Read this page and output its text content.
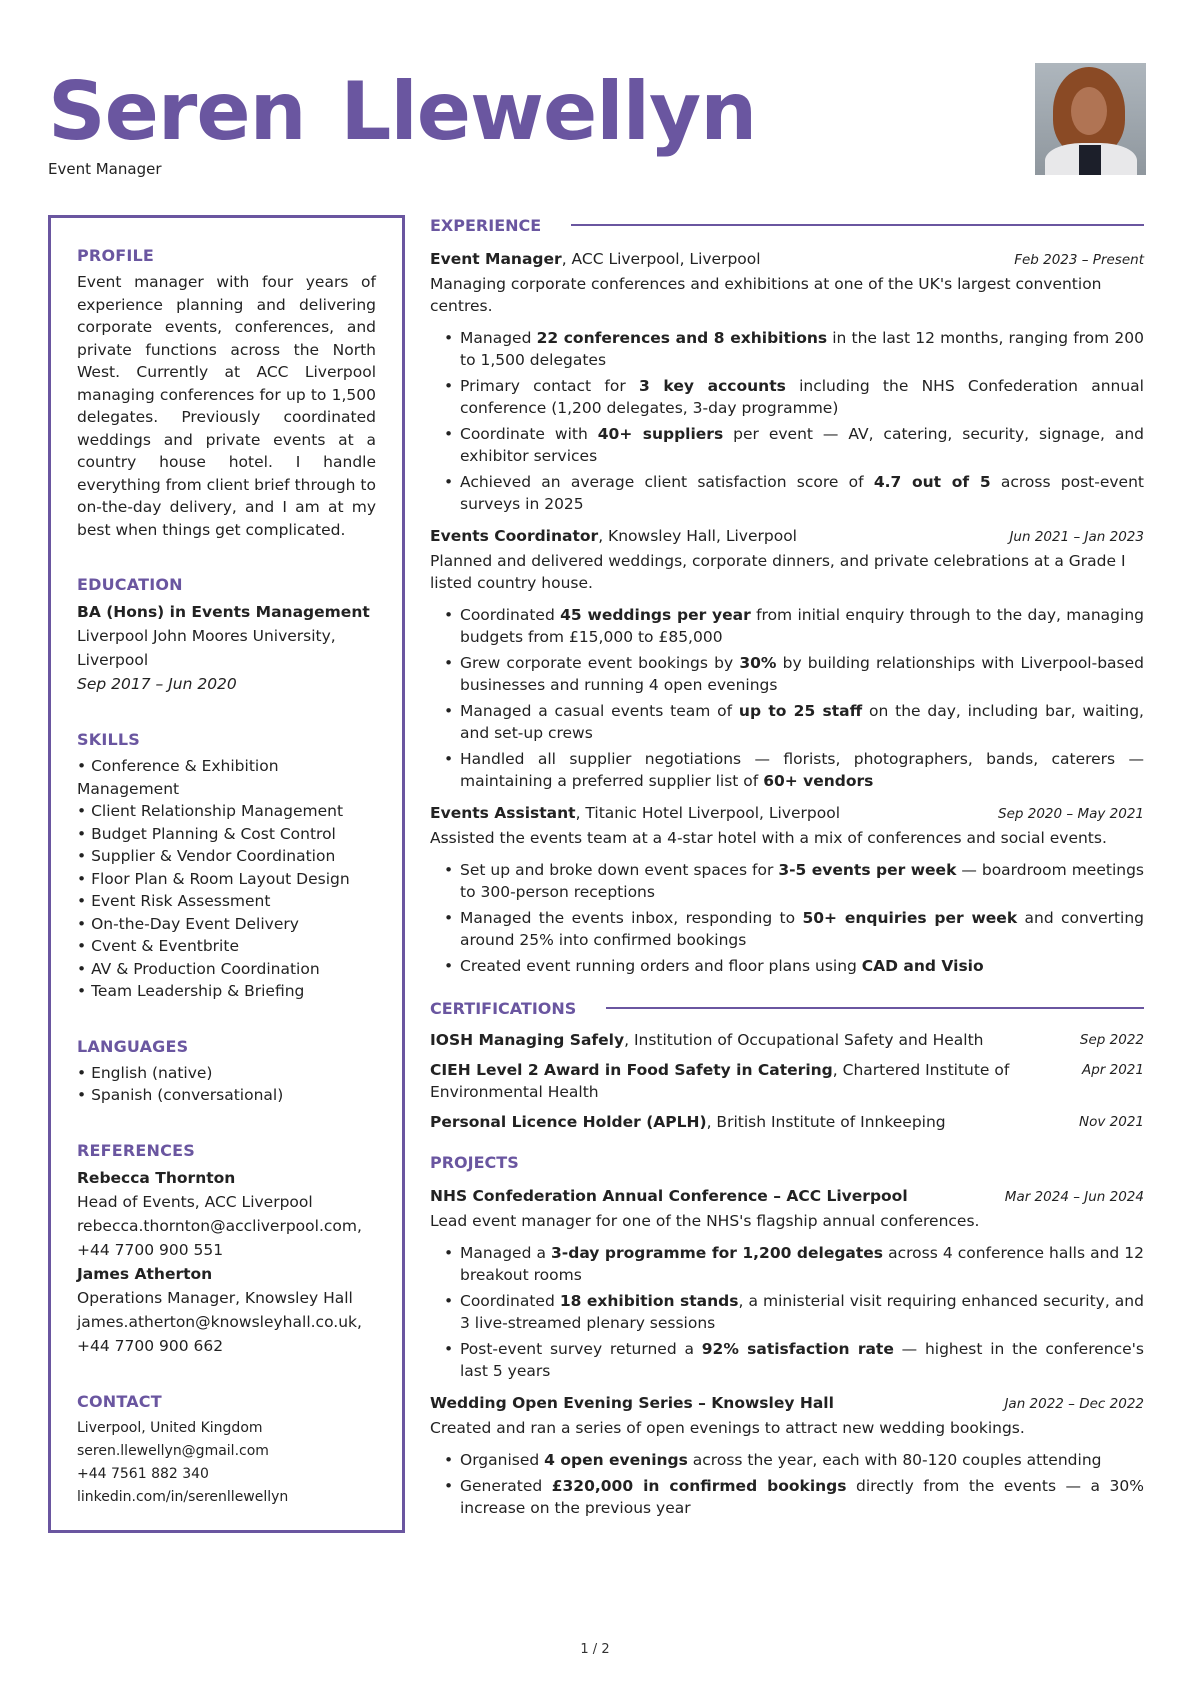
Seren Llewellyn
Event Manager
PROFILE
Event manager with four years of experience planning and delivering corporate events, conferences, and private functions across the North West. Currently at ACC Liverpool managing conferences for up to 1,500 delegates. Previously coordinated weddings and private events at a country house hotel. I handle everything from client brief through to on-the-day delivery, and I am at my best when things get complicated.
EDUCATION
BA (Hons) in Events Management
Liverpool John Moores University, Liverpool
Sep 2017 – Jun 2020
SKILLS
• Conference & Exhibition Management
• Client Relationship Management
• Budget Planning & Cost Control
• Supplier & Vendor Coordination
• Floor Plan & Room Layout Design
• Event Risk Assessment
• On-the-Day Event Delivery
• Cvent & Eventbrite
• AV & Production Coordination
• Team Leadership & Briefing
LANGUAGES
• English (native)
• Spanish (conversational)
REFERENCES
Rebecca Thornton
Head of Events, ACC Liverpool
rebecca.thornton@accliverpool.com, +44 7700 900 551
James Atherton
Operations Manager, Knowsley Hall
james.atherton@knowsleyhall.co.uk, +44 7700 900 662
CONTACT
Liverpool, United Kingdom
seren.llewellyn@gmail.com
+44 7561 882 340
linkedin.com/in/serenllewellyn
EXPERIENCE
Event Manager, ACC Liverpool, Liverpool	Feb 2023 – Present
Managing corporate conferences and exhibitions at one of the UK's largest convention centres.
• Managed 22 conferences and 8 exhibitions in the last 12 months, ranging from 200 to 1,500 delegates
• Primary contact for 3 key accounts including the NHS Confederation annual conference (1,200 delegates, 3-day programme)
• Coordinate with 40+ suppliers per event — AV, catering, security, signage, and exhibitor services
• Achieved an average client satisfaction score of 4.7 out of 5 across post-event surveys in 2025
Events Coordinator, Knowsley Hall, Liverpool	Jun 2021 – Jan 2023
Planned and delivered weddings, corporate dinners, and private celebrations at a Grade I listed country house.
• Coordinated 45 weddings per year from initial enquiry through to the day, managing budgets from £15,000 to £85,000
• Grew corporate event bookings by 30% by building relationships with Liverpool-based businesses and running 4 open evenings
• Managed a casual events team of up to 25 staff on the day, including bar, waiting, and set-up crews
• Handled all supplier negotiations — florists, photographers, bands, caterers — maintaining a preferred supplier list of 60+ vendors
Events Assistant, Titanic Hotel Liverpool, Liverpool	Sep 2020 – May 2021
Assisted the events team at a 4-star hotel with a mix of conferences and social events.
• Set up and broke down event spaces for 3-5 events per week — boardroom meetings to 300-person receptions
• Managed the events inbox, responding to 50+ enquiries per week and converting around 25% into confirmed bookings
• Created event running orders and floor plans using CAD and Visio
CERTIFICATIONS
IOSH Managing Safely, Institution of Occupational Safety and Health	Sep 2022
CIEH Level 2 Award in Food Safety in Catering, Chartered Institute of Environmental Health
Apr 2021
Personal Licence Holder (APLH), British Institute of Innkeeping	Nov 2021
PROJECTS
NHS Confederation Annual Conference – ACC Liverpool	Mar 2024 – Jun 2024
Lead event manager for one of the NHS's flagship annual conferences.
• Managed a 3-day programme for 1,200 delegates across 4 conference halls and 12 breakout rooms
• Coordinated 18 exhibition stands, a ministerial visit requiring enhanced security, and 3 live-streamed plenary sessions
• Post-event survey returned a 92% satisfaction rate — highest in the conference's last 5 years
Wedding Open Evening Series – Knowsley Hall	Jan 2022 – Dec 2022
Created and ran a series of open evenings to attract new wedding bookings.
• Organised 4 open evenings across the year, each with 80-120 couples attending
• Generated £320,000 in confirmed bookings directly from the events — a 30% increase on the previous year
1 / 2
